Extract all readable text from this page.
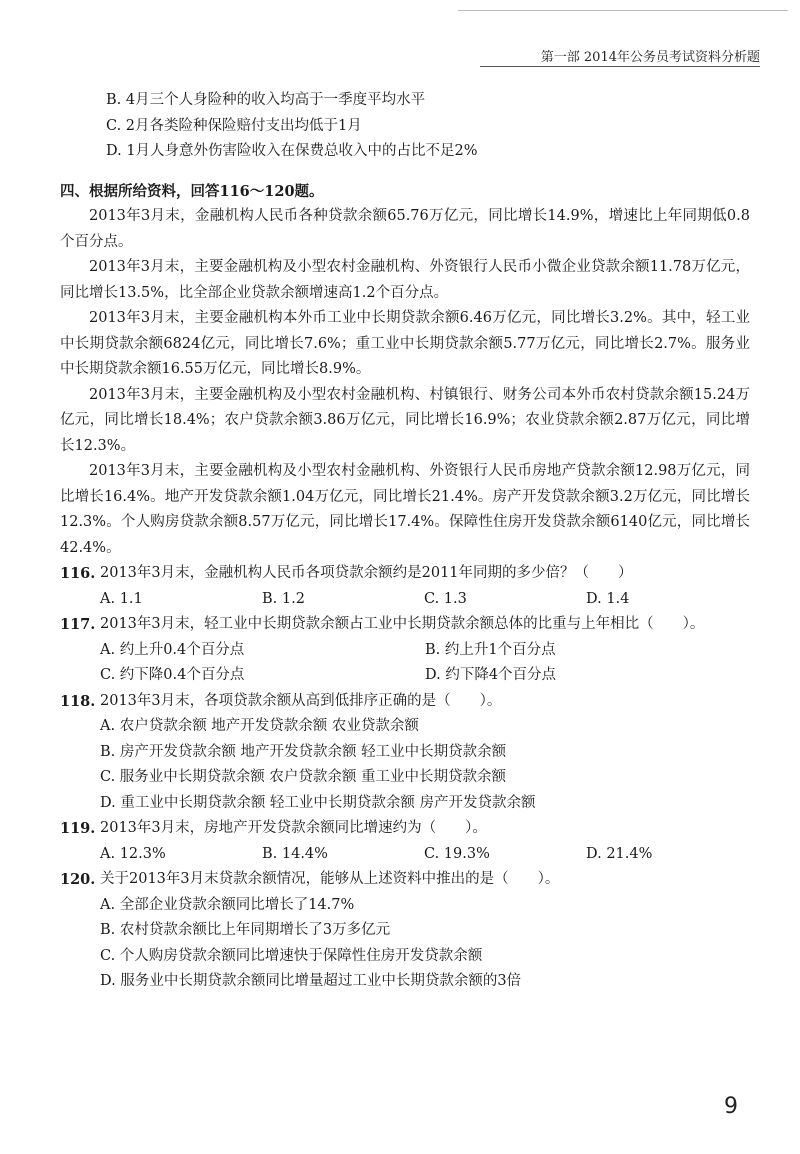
第一部 2014年公务员考试资料分析题
B. 4月三个人身险种的收入均高于一季度平均水平
C. 2月各类险种保险赔付支出均低于1月
D. 1月人身意外伤害险收入在保费总收入中的占比不足2%
四、根据所给资料，回答116～120题。
2013年3月末，金融机构人民币各种贷款余额65.76万亿元，同比增长14.9%，增速比上年同期低0.8个百分点。
2013年3月末，主要金融机构及小型农村金融机构、外资银行人民币小微企业贷款余额11.78万亿元，同比增长13.5%，比全部企业贷款余额增速高1.2个百分点。
2013年3月末，主要金融机构本外币工业中长期贷款余额6.46万亿元，同比增长3.2%。其中，轻工业中长期贷款余额6824亿元，同比增长7.6%；重工业中长期贷款余额5.77万亿元，同比增长2.7%。服务业中长期贷款余额16.55万亿元，同比增长8.9%。
2013年3月末，主要金融机构及小型农村金融机构、村镇银行、财务公司本外币农村贷款余额15.24万亿元，同比增长18.4%；农户贷款余额3.86万亿元，同比增长16.9%；农业贷款余额2.87万亿元，同比增长12.3%。
2013年3月末，主要金融机构及小型农村金融机构、外资银行人民币房地产贷款余额12.98万亿元，同比增长16.4%。地产开发贷款余额1.04万亿元，同比增长21.4%。房产开发贷款余额3.2万亿元，同比增长12.3%。个人购房贷款余额8.57万亿元，同比增长17.4%。保障性住房开发贷款余额6140亿元，同比增长42.4%。
116. 2013年3月末，金融机构人民币各项贷款余额约是2011年同期的多少倍？（　　）
A. 1.1	B. 1.2	C. 1.3	D. 1.4
117. 2013年3月末，轻工业中长期贷款余额占工业中长期贷款余额总体的比重与上年相比（　　）。
A. 约上升0.4个百分点	B. 约上升1个百分点
C. 约下降0.4个百分点	D. 约下降4个百分点
118. 2013年3月末，各项贷款余额从高到低排序正确的是（　　）。
A. 农户贷款余额 地产开发贷款余额 农业贷款余额
B. 房产开发贷款余额 地产开发贷款余额 轻工业中长期贷款余额
C. 服务业中长期贷款余额 农户贷款余额 重工业中长期贷款余额
D. 重工业中长期贷款余额 轻工业中长期贷款余额 房产开发贷款余额
119. 2013年3月末，房地产开发贷款余额同比增速约为（　　）。
A. 12.3%	B. 14.4%	C. 19.3%	D. 21.4%
120. 关于2013年3月末贷款余额情况，能够从上述资料中推出的是（　　）。
A. 全部企业贷款余额同比增长了14.7%
B. 农村贷款余额比上年同期增长了3万多亿元
C. 个人购房贷款余额同比增速快于保障性住房开发贷款余额
D. 服务业中长期贷款余额同比增量超过工业中长期贷款余额的3倍
9
